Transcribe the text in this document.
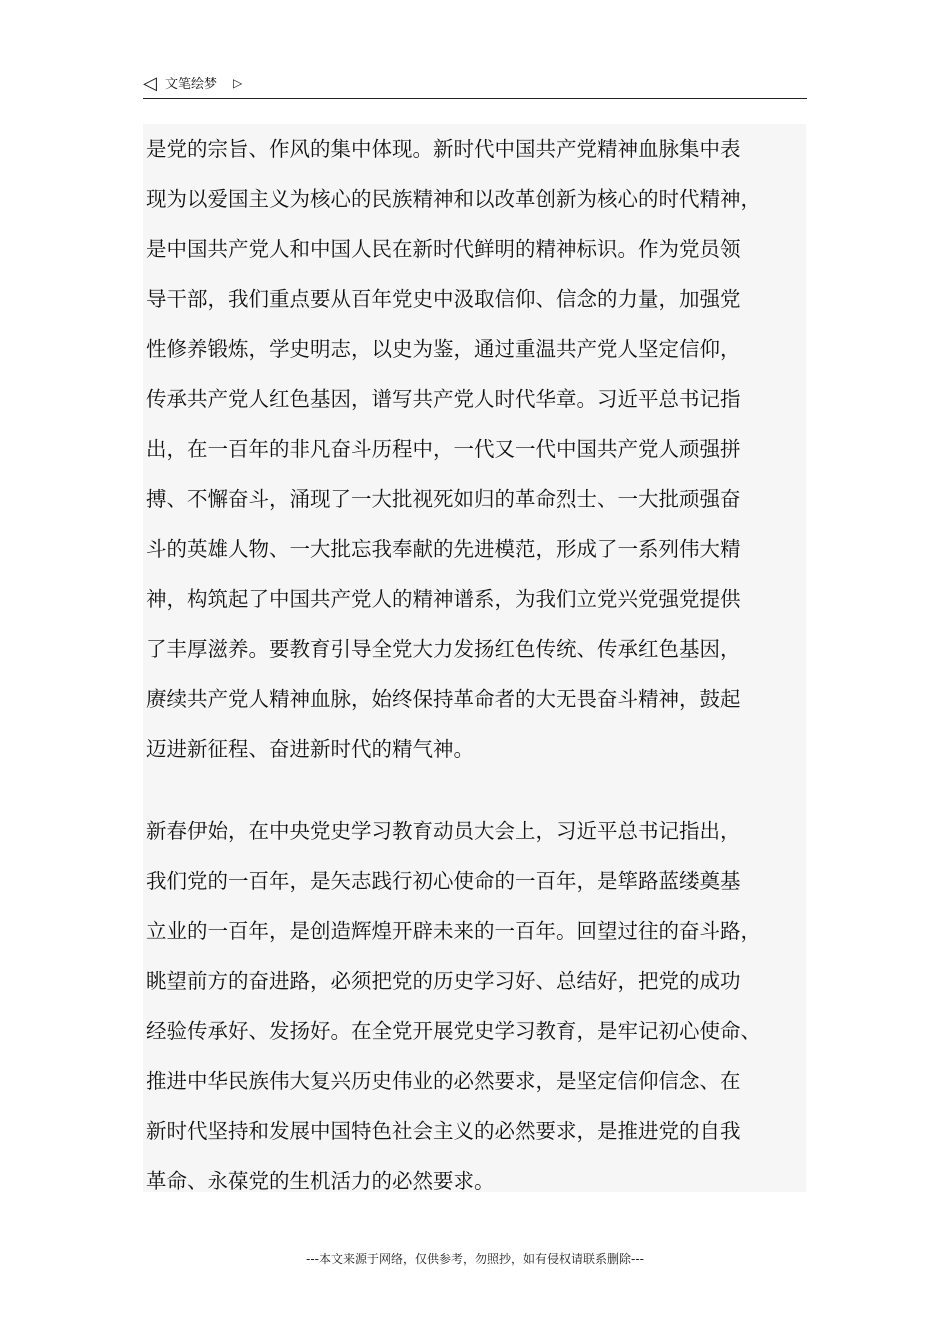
◁ 文笔绘梦 ▷
是党的宗旨、作风的集中体现。新时代中国共产党精神血脉集中表
现为以爱国主义为核心的民族精神和以改革创新为核心的时代精神，
是中国共产党人和中国人民在新时代鲜明的精神标识。作为党员领
导干部，我们重点要从百年党史中汲取信仰、信念的力量，加强党
性修养锻炼，学史明志，以史为鉴，通过重温共产党人坚定信仰，
传承共产党人红色基因，谱写共产党人时代华章。习近平总书记指
出，在一百年的非凡奋斗历程中，一代又一代中国共产党人顽强拼
搏、不懈奋斗，涌现了一大批视死如归的革命烈士、一大批顽强奋
斗的英雄人物、一大批忘我奉献的先进模范，形成了一系列伟大精
神，构筑起了中国共产党人的精神谱系，为我们立党兴党强党提供
了丰厚滋养。要教育引导全党大力发扬红色传统、传承红色基因，
赓续共产党人精神血脉，始终保持革命者的大无畏奋斗精神，鼓起
迈进新征程、奋进新时代的精气神。
新春伊始，在中央党史学习教育动员大会上，习近平总书记指出，
我们党的一百年，是矢志践行初心使命的一百年，是筚路蓝缕奠基
立业的一百年，是创造辉煌开辟未来的一百年。回望过往的奋斗路，
眺望前方的奋进路，必须把党的历史学习好、总结好，把党的成功
经验传承好、发扬好。在全党开展党史学习教育，是牢记初心使命、
推进中华民族伟大复兴历史伟业的必然要求，是坚定信仰信念、在
新时代坚持和发展中国特色社会主义的必然要求，是推进党的自我
革命、永葆党的生机活力的必然要求。
---本文来源于网络，仅供参考，勿照抄，如有侵权请联系删除---
